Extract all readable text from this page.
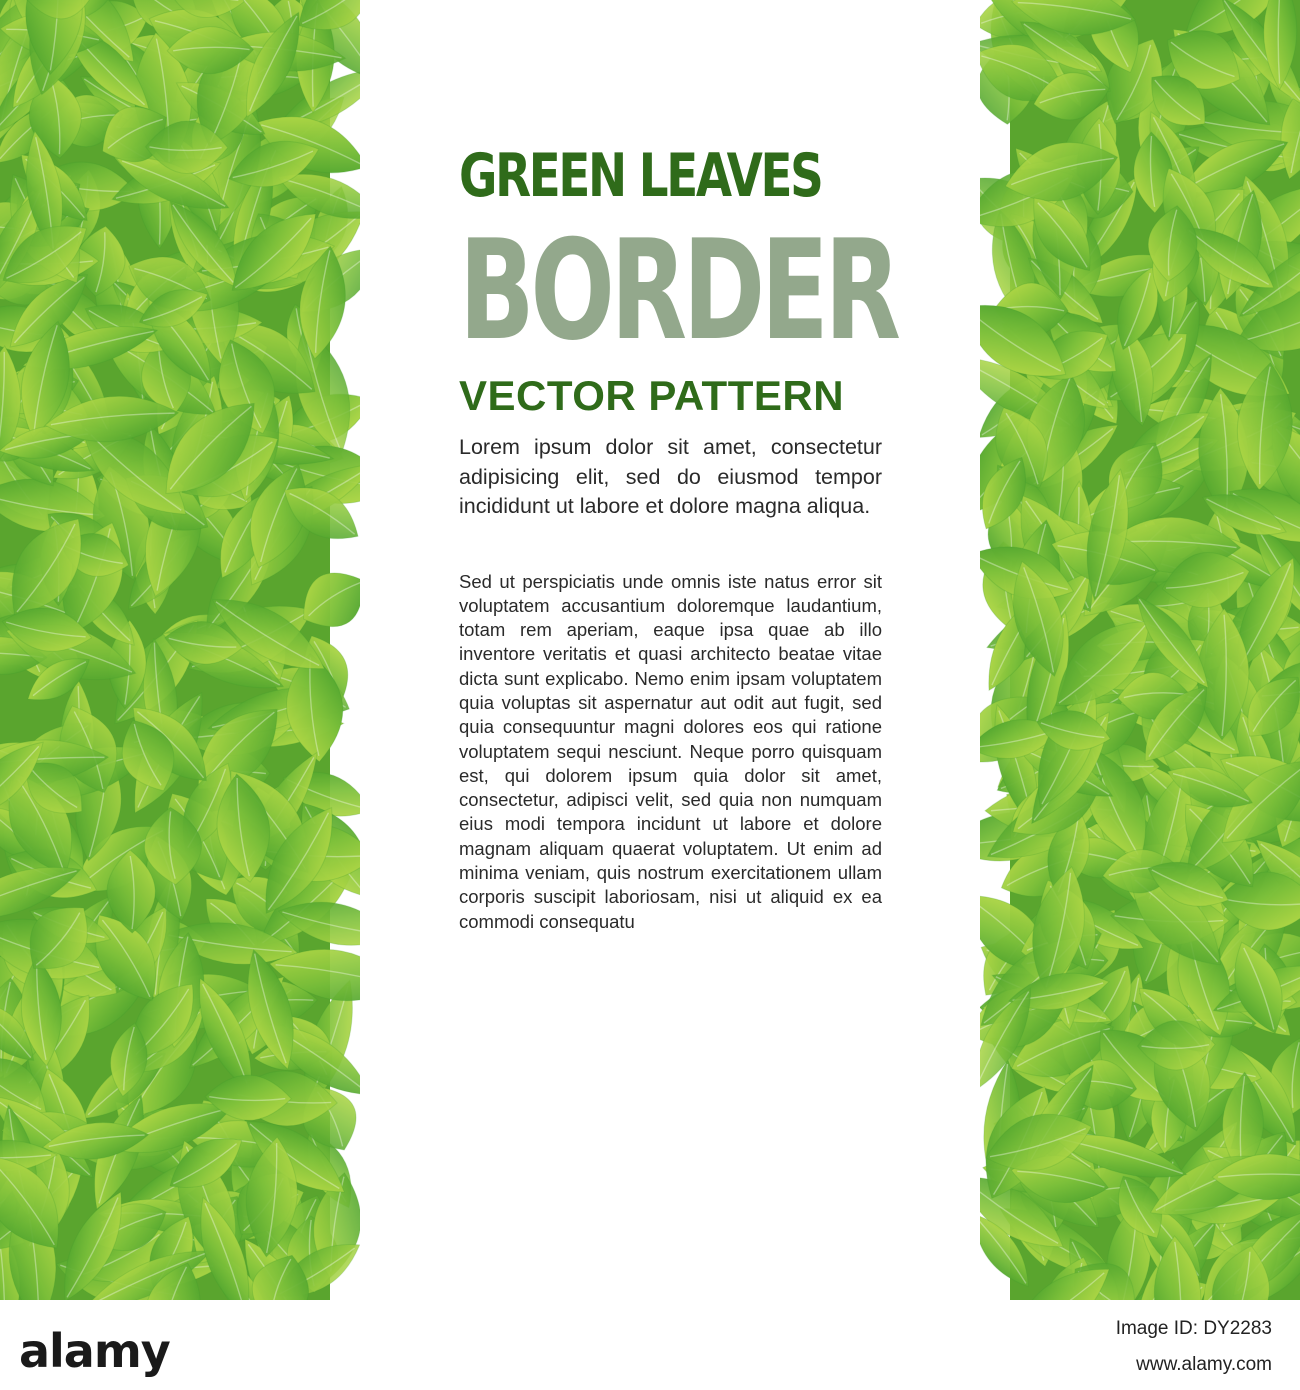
GREEN LEAVES

BORDER

VECTOR PATTERN

Lorem ipsum dolor sit amet, consectetur adipisicing elit, sed do eiusmod tempor incididunt ut labore et dolore magna aliqua.

Sed ut perspiciatis unde omnis iste natus error sit voluptatem accusantium doloremque laudantium, totam rem aperiam, eaque ipsa quae ab illo inventore veritatis et quasi architecto beatae vitae dicta sunt explicabo. Nemo enim ipsam voluptatem quia voluptas sit aspernatur aut odit aut fugit, sed quia consequuntur magni dolores eos qui ratione voluptatem sequi nesciunt. Neque porro quisquam est, qui dolorem ipsum quia dolor sit amet, consectetur, adipisci velit, sed quia non numquam eius modi tempora incidunt ut labore et dolore magnam aliquam quaerat voluptatem. Ut enim ad minima veniam, quis nostrum exercitationem ullam corporis suscipit laboriosam, nisi ut aliquid ex ea commodi consequatu

alamy	Image ID: DY2283
www.alamy.com
